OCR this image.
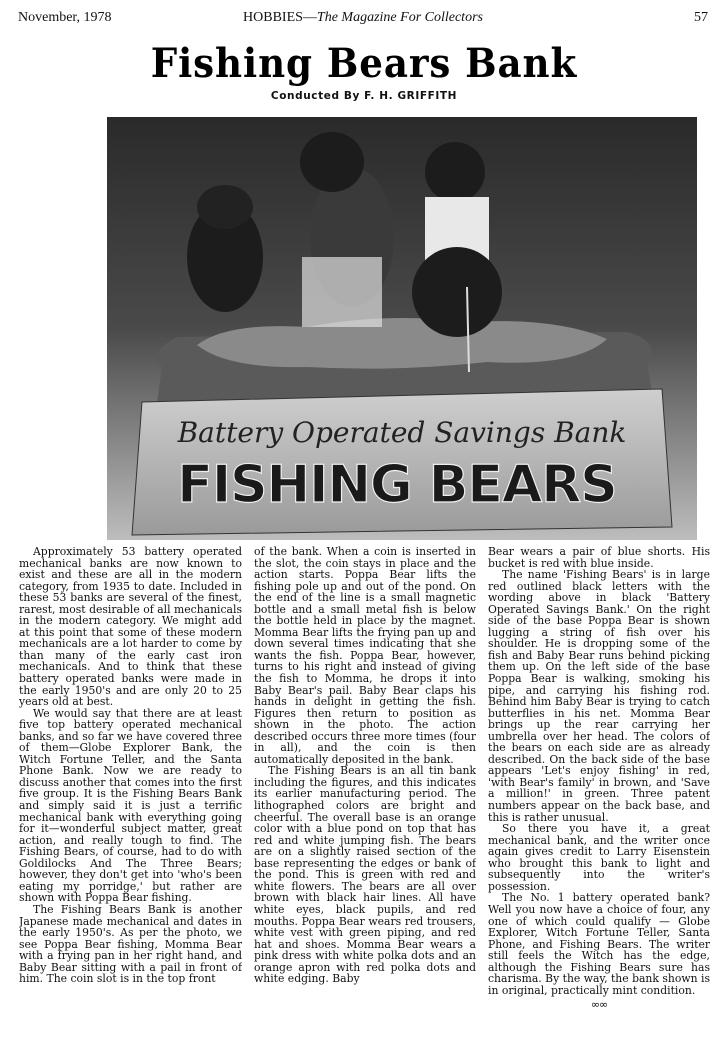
November, 1978	HOBBIES—The Magazine For Collectors	57
Fishing Bears Bank
Conducted By F. H. GRIFFITH
Battery Operated Savings Bank
FISHING BEARS

Approximately 53 battery operated mechanical banks are now known to exist and these are all in the modern category, from 1935 to date. Included in these 53 banks are several of the finest, rarest, most desirable of all mechanicals in the modern category. We might add at this point that some of these modern mechanicals are a lot harder to come by than many of the early cast iron mechanicals. And to think that these battery operated banks were made in the early 1950's and are only 20 to 25 years old at best.

We would say that there are at least five top battery operated mechanical banks, and so far we have covered three of them—Globe Explorer Bank, the Witch Fortune Teller, and the Santa Phone Bank. Now we are ready to discuss another that comes into the first five group. It is the Fishing Bears Bank and simply said it is just a terrific mechanical bank with everything going for it—wonderful subject matter, great action, and really tough to find. The Fishing Bears, of course, had to do with Goldilocks And The Three Bears; however, they don't get into 'who's been eating my porridge,' but rather are shown with Poppa Bear fishing.

The Fishing Bears Bank is another Japanese made mechanical and dates in the early 1950's. As per the photo, we see Poppa Bear fishing, Momma Bear with a frying pan in her right hand, and Baby Bear sitting with a pail in front of him. The coin slot is in the top front

of the bank. When a coin is inserted in the slot, the coin stays in place and the action starts. Poppa Bear lifts the fishing pole up and out of the pond. On the end of the line is a small magnetic bottle and a small metal fish is below the bottle held in place by the magnet. Momma Bear lifts the frying pan up and down several times indicating that she wants the fish. Poppa Bear, however, turns to his right and instead of giving the fish to Momma, he drops it into Baby Bear's pail. Baby Bear claps his hands in delight in getting the fish. Figures then return to position as shown in the photo. The action described occurs three more times (four in all), and the coin is then automatically deposited in the bank.

The Fishing Bears is an all tin bank including the figures, and this indicates its earlier manufacturing period. The lithographed colors are bright and cheerful. The overall base is an orange color with a blue pond on top that has red and white jumping fish. The bears are on a slightly raised section of the base representing the edges or bank of the pond. This is green with red and white flowers. The bears are all over brown with black hair lines. All have white eyes, black pupils, and red mouths. Poppa Bear wears red trousers, white vest with green piping, and red hat and shoes. Momma Bear wears a pink dress with white polka dots and an orange apron with red polka dots and white edging. Baby

Bear wears a pair of blue shorts. His bucket is red with blue inside.

The name 'Fishing Bears' is in large red outlined black letters with the wording above in black 'Battery Operated Savings Bank.' On the right side of the base Poppa Bear is shown lugging a string of fish over his shoulder. He is dropping some of the fish and Baby Bear runs behind picking them up. On the left side of the base Poppa Bear is walking, smoking his pipe, and carrying his fishing rod. Behind him Baby Bear is trying to catch butterflies in his net. Momma Bear brings up the rear carrying her umbrella over her head. The colors of the bears on each side are as already described. On the back side of the base appears 'Let's enjoy fishing' in red, 'with Bear's family' in brown, and 'Save a million!' in green. Three patent numbers appear on the back base, and this is rather unusual.

So there you have it, a great mechanical bank, and the writer once again gives credit to Larry Eisenstein who brought this bank to light and subsequently into the writer's possession.

The No. 1 battery operated bank? Well you now have a choice of four, any one of which could qualify — Globe Explorer, Witch Fortune Teller, Santa Phone, and Fishing Bears. The writer still feels the Witch has the edge, although the Fishing Bears sure has charisma. By the way, the bank shown is in original, practically mint condition.

∞∞
